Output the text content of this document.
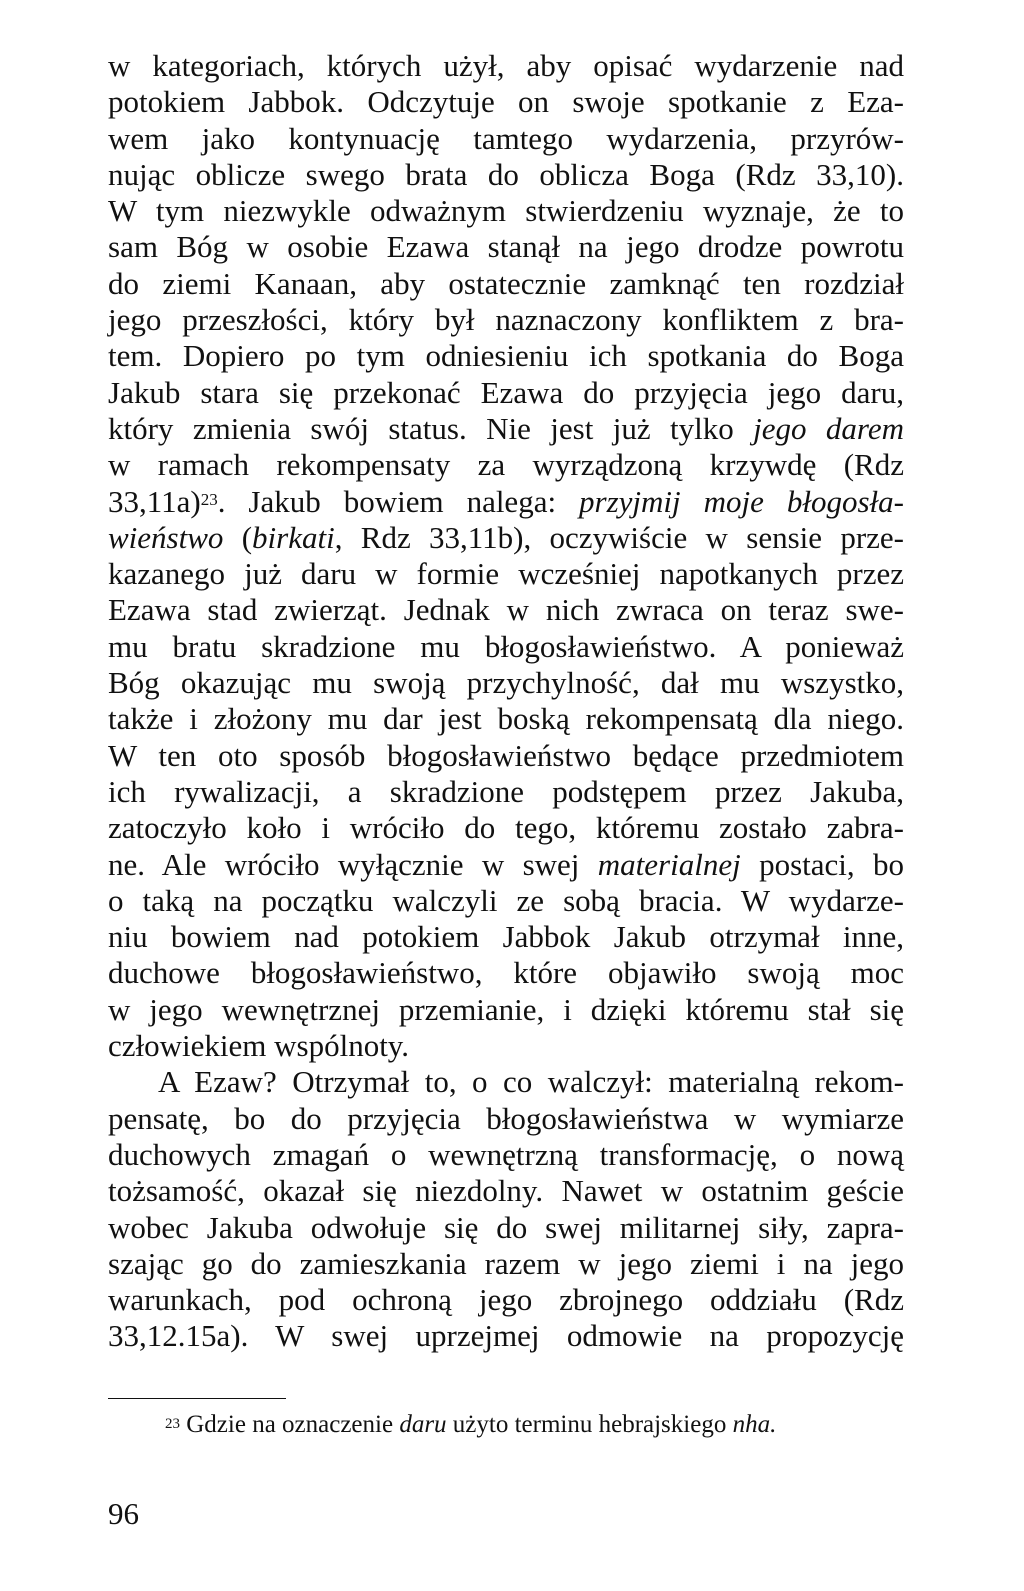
w kategoriach, których użył, aby opisać wydarzenie nad
potokiem Jabbok. Odczytuje on swoje spotkanie z Eza-
wem jako kontynuację tamtego wydarzenia, przyrów-
nując oblicze swego brata do oblicza Boga (Rdz 33,10).
W tym niezwykle odważnym stwierdzeniu wyznaje, że to
sam Bóg w osobie Ezawa stanął na jego drodze powrotu
do ziemi Kanaan, aby ostatecznie zamknąć ten rozdział
jego przeszłości, który był naznaczony konfliktem z bra-
tem. Dopiero po tym odniesieniu ich spotkania do Boga
Jakub stara się przekonać Ezawa do przyjęcia jego daru,
który zmienia swój status. Nie jest już tylko jego darem
w ramach rekompensaty za wyrządzoną krzywdę (Rdz
33,11a)$^{23}$. Jakub bowiem nalega: przyjmij moje błogosła-
wieństwo (birkati, Rdz 33,11b), oczywiście w sensie prze-
kazanego już daru w formie wcześniej napotkanych przez
Ezawa stad zwierząt. Jednak w nich zwraca on teraz swe-
mu bratu skradzione mu błogosławieństwo. A ponieważ
Bóg okazując mu swoją przychylność, dał mu wszystko,
także i złożony mu dar jest boską rekompensatą dla niego.
W ten oto sposób błogosławieństwo będące przedmiotem
ich rywalizacji, a skradzione podstępem przez Jakuba,
zatoczyło koło i wróciło do tego, któremu zostało zabra-
ne. Ale wróciło wyłącznie w swej materialnej postaci, bo
o taką na początku walczyli ze sobą bracia. W wydarze-
niu bowiem nad potokiem Jabbok Jakub otrzymał inne,
duchowe błogosławieństwo, które objawiło swoją moc
w jego wewnętrznej przemianie, i dzięki któremu stał się
człowiekiem wspólnoty.
A Ezaw? Otrzymał to, o co walczył: materialną rekom-
pensatę, bo do przyjęcia błogosławieństwa w wymiarze
duchowych zmagań o wewnętrzną transformację, o nową
tożsamość, okazał się niezdolny. Nawet w ostatnim geście
wobec Jakuba odwołuje się do swej militarnej siły, zapra-
szając go do zamieszkania razem w jego ziemi i na jego
warunkach, pod ochroną jego zbrojnego oddziału (Rdz
33,12.15a). W swej uprzejmej odmowie na propozycję
$^{23}$ Gdzie na oznaczenie daru użyto terminu hebrajskiego nha.
96
